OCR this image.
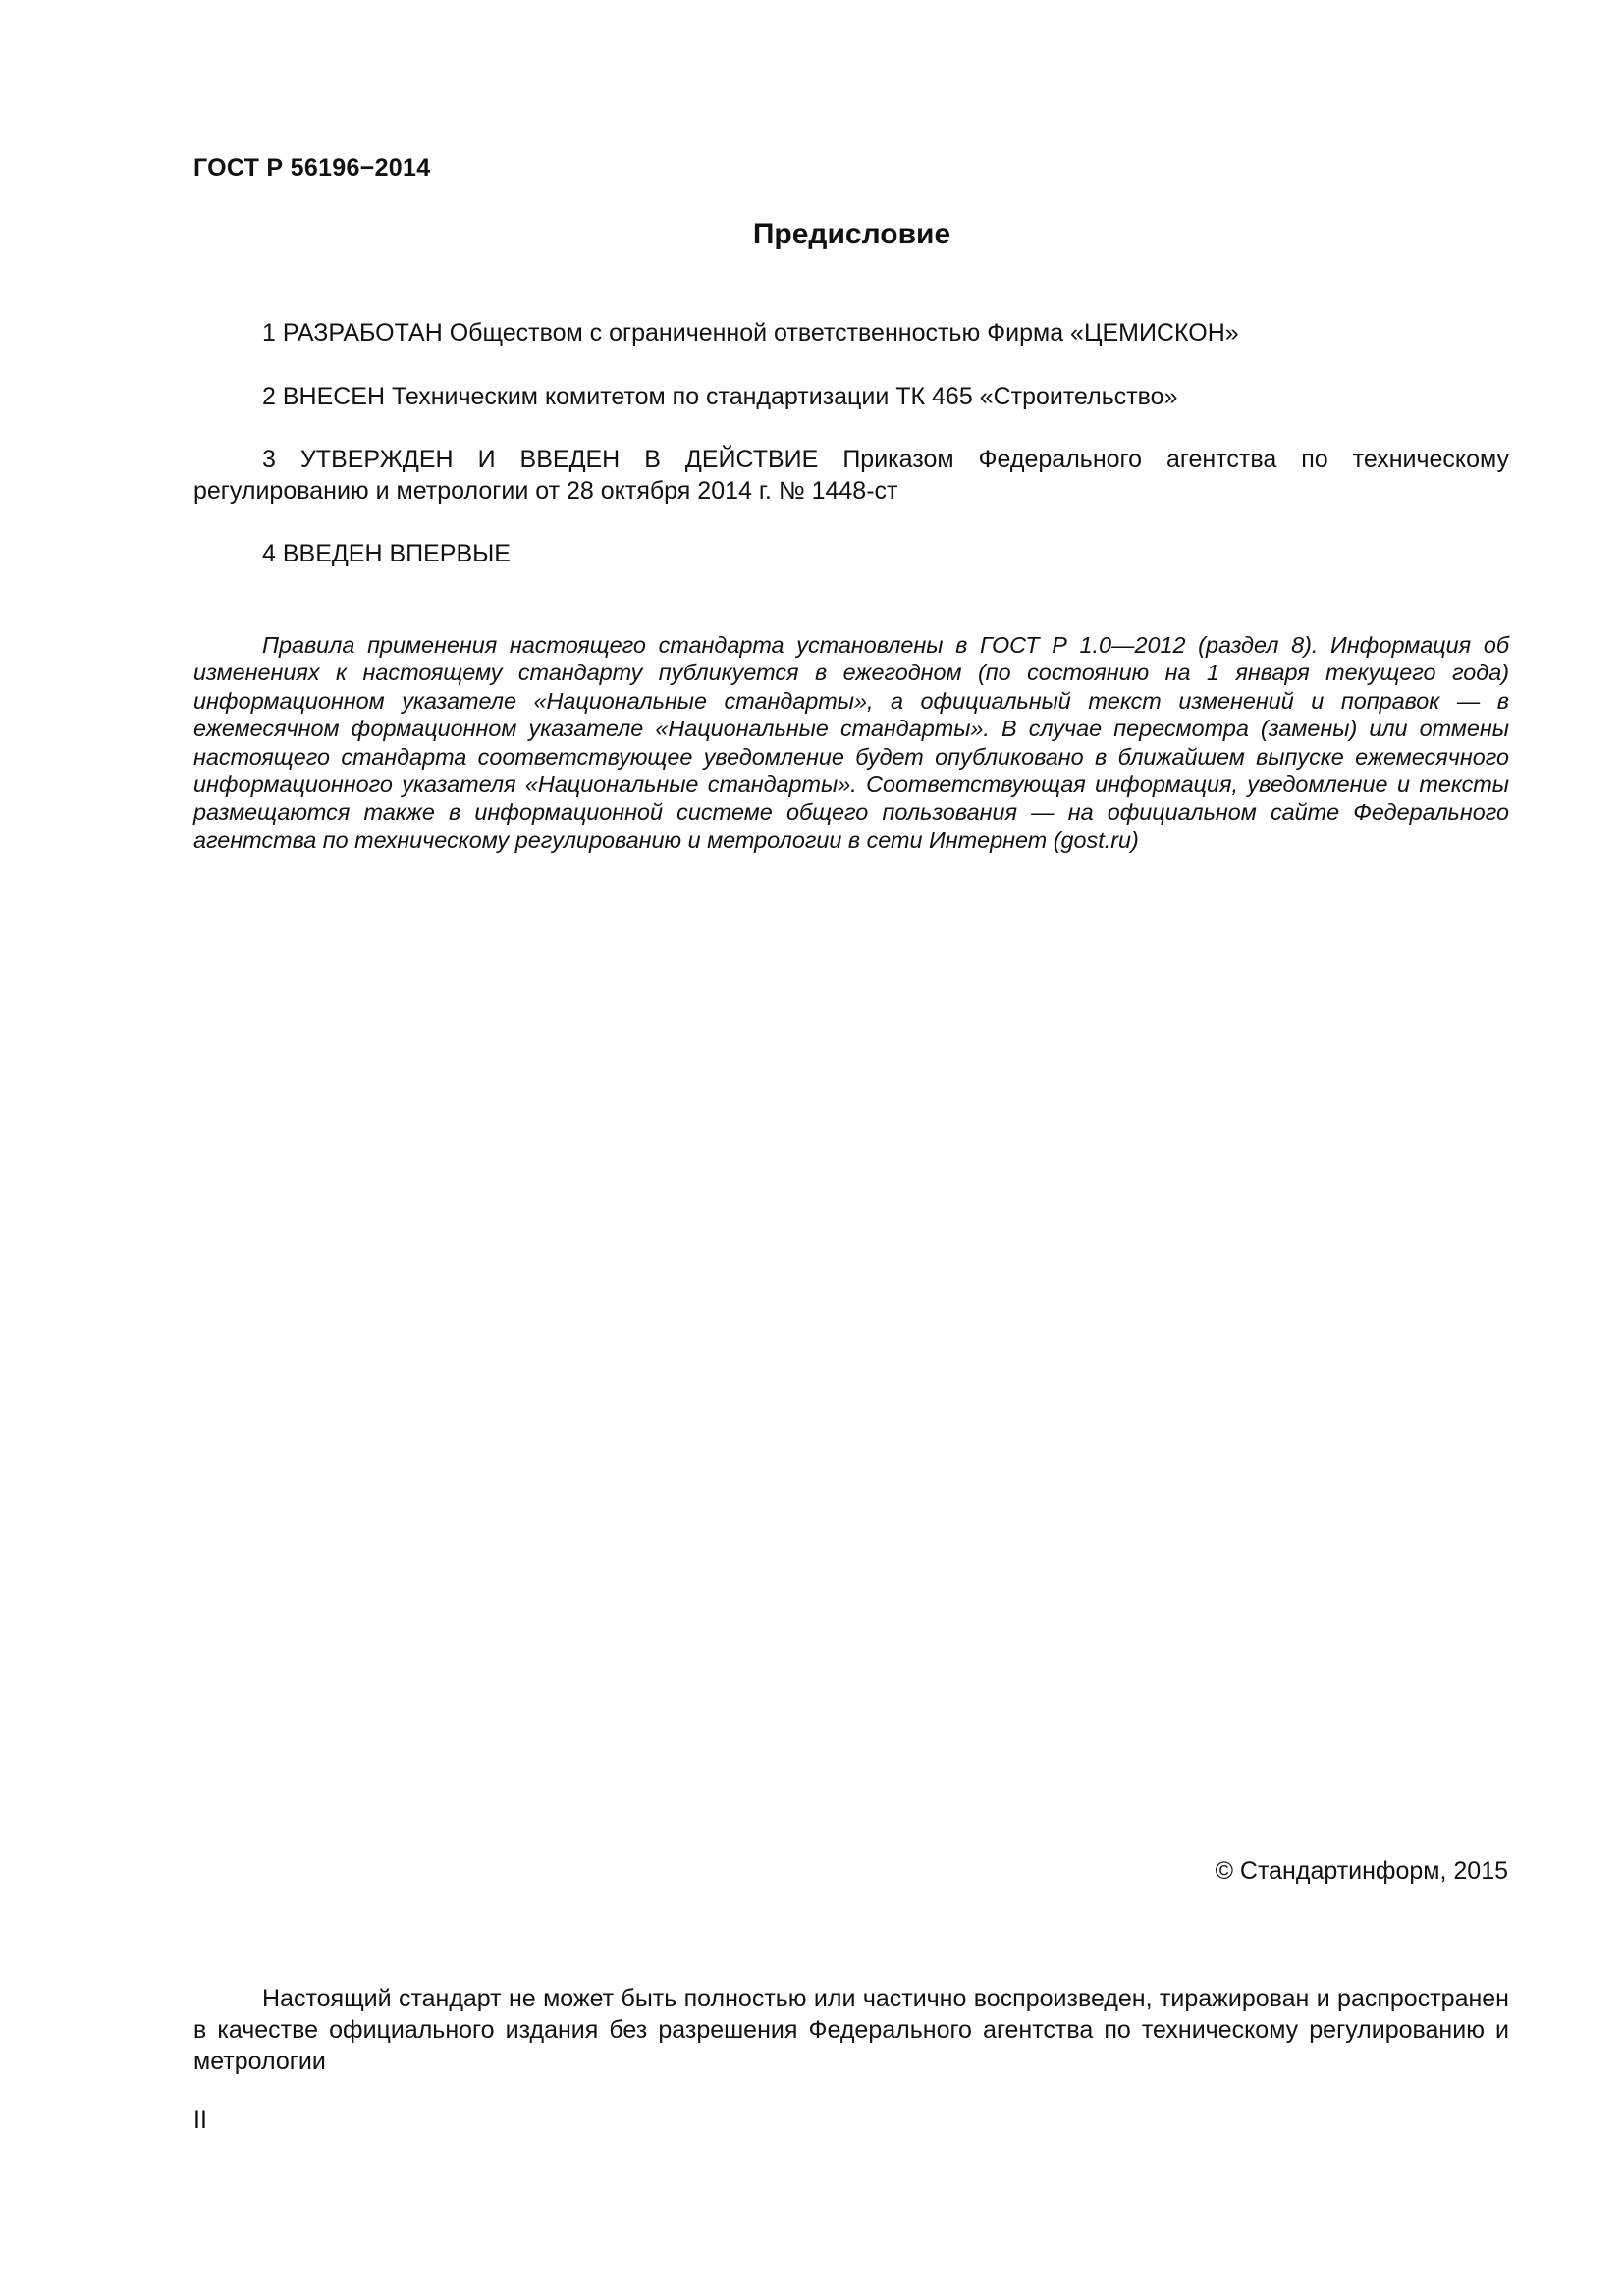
ГОСТ Р 56196−2014
Предисловие
1 РАЗРАБОТАН Обществом с ограниченной ответственностью Фирма «ЦЕМИСКОН»
2 ВНЕСЕН Техническим комитетом по стандартизации ТК 465 «Строительство»
3 УТВЕРЖДЕН И ВВЕДЕН В ДЕЙСТВИЕ Приказом Федерального агентства по техническому регулированию и метрологии от 28 октября 2014 г. № 1448-ст
4 ВВЕДЕН ВПЕРВЫЕ
Правила применения настоящего стандарта установлены в ГОСТ Р 1.0—2012 (раздел 8). Информация об изменениях к настоящему стандарту публикуется в ежегодном (по состоянию на 1 января текущего года) информационном указателе «Национальные стандарты», а официальный текст изменений и поправок — в ежемесячном формационном указателе «Национальные стандарты». В случае пересмотра (замены) или отмены настоящего стандарта соответствующее уведомление будет опубликовано в ближайшем выпуске ежемесячного информационного указателя «Национальные стандарты». Соответствующая информация, уведомление и тексты размещаются также в информационной системе общего пользования — на официальном сайте Федерального агентства по техническому регулированию и метрологии в сети Интернет (gost.ru)
© Стандартинформ, 2015
Настоящий стандарт не может быть полностью или частично воспроизведен, тиражирован и распространен в качестве официального издания без разрешения Федерального агентства по техническому регулированию и метрологии
II
